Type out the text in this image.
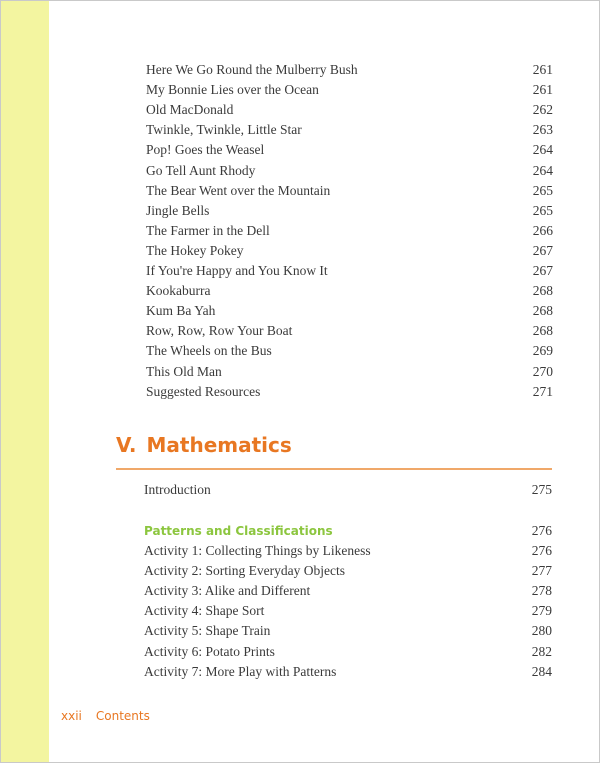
Here We Go Round the Mulberry Bush	261
My Bonnie Lies over the Ocean	261
Old MacDonald	262
Twinkle, Twinkle, Little Star	263
Pop! Goes the Weasel	264
Go Tell Aunt Rhody	264
The Bear Went over the Mountain	265
Jingle Bells	265
The Farmer in the Dell	266
The Hokey Pokey	267
If You're Happy and You Know It	267
Kookaburra	268
Kum Ba Yah	268
Row, Row, Row Your Boat	268
The Wheels on the Bus	269
This Old Man	270
Suggested Resources	271
V. Mathematics
Introduction	275
Patterns and Classifications	276
Activity 1: Collecting Things by Likeness	276
Activity 2: Sorting Everyday Objects	277
Activity 3: Alike and Different	278
Activity 4: Shape Sort	279
Activity 5: Shape Train	280
Activity 6: Potato Prints	282
Activity 7: More Play with Patterns	284
xxii Contents
